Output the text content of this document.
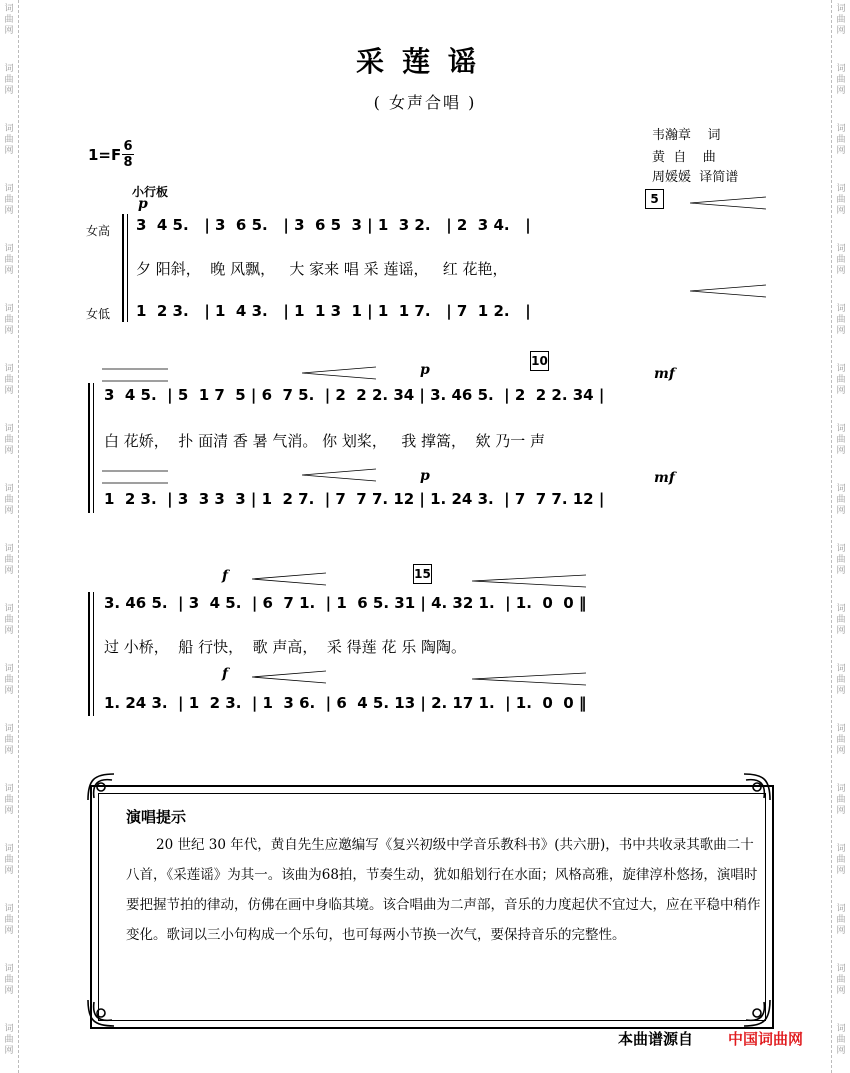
词曲网
词曲网
词曲网
词曲网
词曲网
词曲网
词曲网
词曲网
词曲网
词曲网
词曲网
词曲网
词曲网
词曲网
词曲网
词曲网
词曲网
词曲网
词曲网
词曲网
词曲网
词曲网
词曲网
词曲网
词曲网
词曲网
词曲网
词曲网
词曲网
词曲网
词曲网
词曲网
词曲网
词曲网
词曲网
词曲网
采莲谣
( 女声合唱 )
韦瀚章    词
黄  自    曲
周媛媛  译简谱
1=F 6
8
小行板
女高
女低
p	5
3  4 5.   | 3  6 5.   | 3  6 5  3 | 1  3 2.   | 2  3 4.   |
夕 阳斜，  晚 风飘，   大 家来 唱 采 莲谣，   红 花艳，
1  2 3.   | 1  4 3.   | 1  1 3  1 | 1  1 7.   | 7  1 2.   |
p	mf
p	mf
10
3  4 5.  | 5  1 7  5 | 6  7 5.  | 2  2 2. 34 | 3. 46 5.  | 2  2 2. 34 |
白 花娇，  扑 面清 香 暑 气消。 你 划桨，   我 撑篙，  欸 乃一 声
1  2 3.  | 3  3 3  3 | 1  2 7.  | 7  7 7. 12 | 1. 24 3.  | 7  7 7. 12 |
f
f
15
3. 46 5.  | 3  4 5.  | 6  7 1.  | 1  6 5. 31 | 4. 32 1.  | 1.  0  0 ‖
过 小桥，  船 行快，  歌 声高，  采 得莲 花 乐 陶陶。
1. 24 3.  | 1  2 3.  | 1  3 6.  | 6  4 5. 13 | 2. 17 1.  | 1.  0  0 ‖
演唱提示
20 世纪 30 年代，黄自先生应邀编写《复兴初级中学音乐教科书》(共六册)，书中共收录其歌曲二十八首，《采莲谣》为其一。该曲为68拍，节奏生动，犹如船划行在水面；风格高雅，旋律淳朴悠扬，演唱时要把握节拍的律动，仿佛在画中身临其境。该合唱曲为二声部，音乐的力度起伏不宜过大，应在平稳中稍作变化。歌词以三小句构成一个乐句，也可每两小节换一次气，要保持音乐的完整性。
本曲谱源自 中国词曲网
